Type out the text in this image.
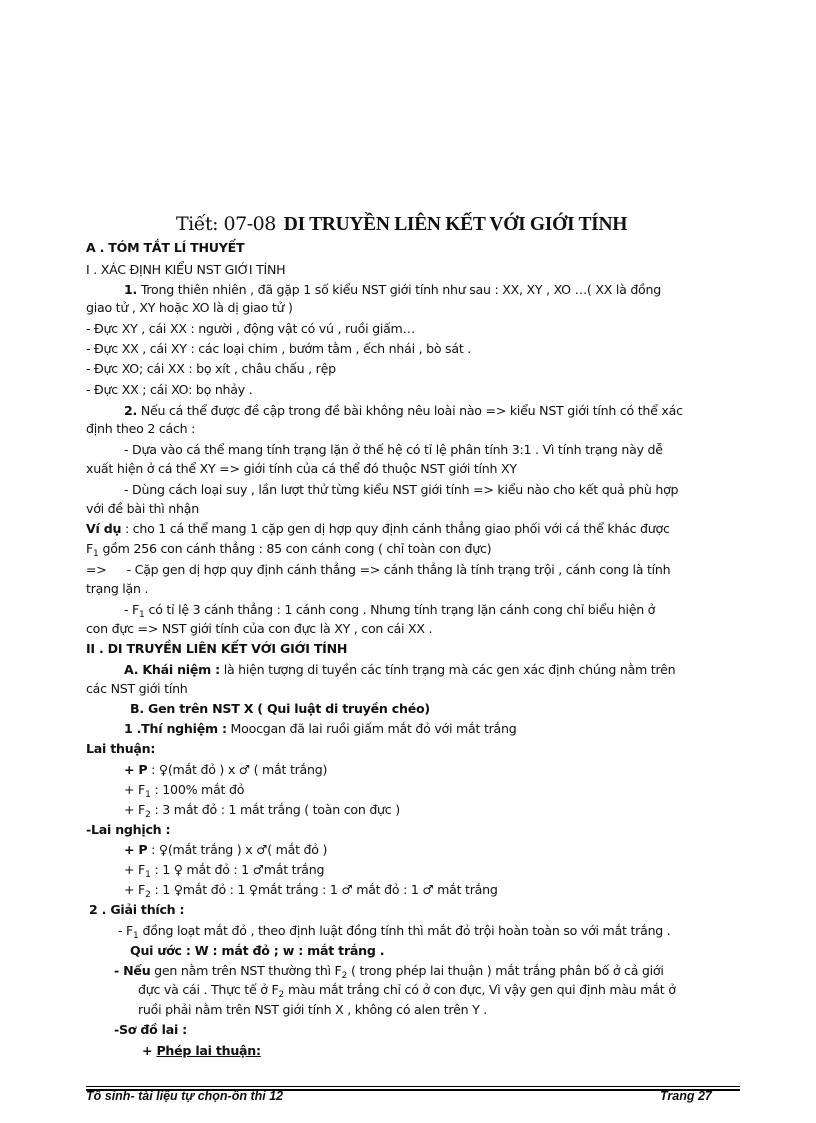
Tiết: 07-08 DI TRUYỀN LIÊN KẾT VỚI GIỚI TÍNH
A . TÓM TẮT LÍ THUYẾT
I . XÁC ĐỊNH KIỂU NST GIỚI TÍNH
1. Trong thiên nhiên , đã gặp 1 số kiểu NST giới tính như sau : XX, XY , XO …( XX là đồng
giao tử , XY hoặc XO là dị giao tử )
- Đực XY , cái XX : người , động vật có vú , ruồi giấm…
- Đực XX , cái XY : các loại chim , bướm tằm , ếch nhái , bò sát .
- Đực XO; cái XX : bọ xít , châu chấu , rệp
- Đực XX ; cái XO: bọ nhảy .
2. Nếu cá thể được đề cập trong đề bài không nêu loài nào => kiểu NST giới tính có thể xác
định theo 2 cách :
- Dựa vào cá thể mang tính trạng lặn ở thế hệ có tỉ lệ phân tính 3:1 . Vì tính trạng này dễ
xuất hiện ở cá thể XY => giới tính của cá thể đó thuộc NST giới tính XY
- Dùng cách loại suy , lần lượt thử từng kiểu NST giới tính => kiểu nào cho kết quả phù hợp
với đề bài thì nhận
Ví dụ : cho 1 cá thể mang 1 cặp gen dị hợp quy định cánh thẳng giao phối với cá thể khác được
$F_1$ gồm 256 con cánh thẳng : 85 con cánh cong ( chỉ toàn con đực)
=> - Cặp gen dị hợp quy định cánh thẳng => cánh thẳng là tính trạng trội , cánh cong là tính
trạng lặn .
- $F_1$ có tỉ lệ 3 cánh thẳng : 1 cánh cong . Nhưng tính trạng lặn cánh cong chỉ biểu hiện ở
con đực => NST giới tính của con đực là XY , con cái XX .
II . DI TRUYỀN LIÊN KẾT VỚI GIỚI TÍNH
A. Khái niệm : là hiện tượng di tuyền các tính trạng mà các gen xác định chúng nằm trên
các NST giới tính
B. Gen trên NST X ( Qui luật di truyền chéo)
1 .Thí nghiệm : Moocgan đã lai ruồi giấm mắt đỏ với mắt trắng
Lai thuận:
+ P : ♀(mắt đỏ ) x ♂ ( mắt trắng)
+ $F_1$ : 100% mắt đỏ
+ $F_2$ : 3 mắt đỏ : 1 mắt trắng ( toàn con đực )
-Lai nghịch :
+ P : ♀(mắt trắng ) x ♂( mắt đỏ )
+ $F_1$ : 1 ♀ mắt đỏ : 1 ♂mắt trắng
+ $F_2$ : 1 ♀mắt đỏ : 1 ♀mắt trắng : 1 ♂ mắt đỏ : 1 ♂ mắt trắng
2 . Giải thích :
- $F_1$ đồng loạt mắt đỏ , theo định luật đồng tính thì mắt đỏ trội hoàn toàn so với mắt trắng .
Qui ước : W : mắt đỏ ; w : mắt trắng .
- Nếu gen nằm trên NST thường thì $F_2$ ( trong phép lai thuận ) mắt trắng phân bố ở cả giới
đực và cái . Thực tế ở $F_2$ màu mắt trắng chỉ có ở con đực, Vì vậy gen qui định màu mắt ở
ruồi phải nằm trên NST giới tính X , không có alen trên Y .
-Sơ đồ lai :
+ Phép lai thuận:
Tổ sinh- tài liệu tự chọn-ôn thi 12	Trang 27
